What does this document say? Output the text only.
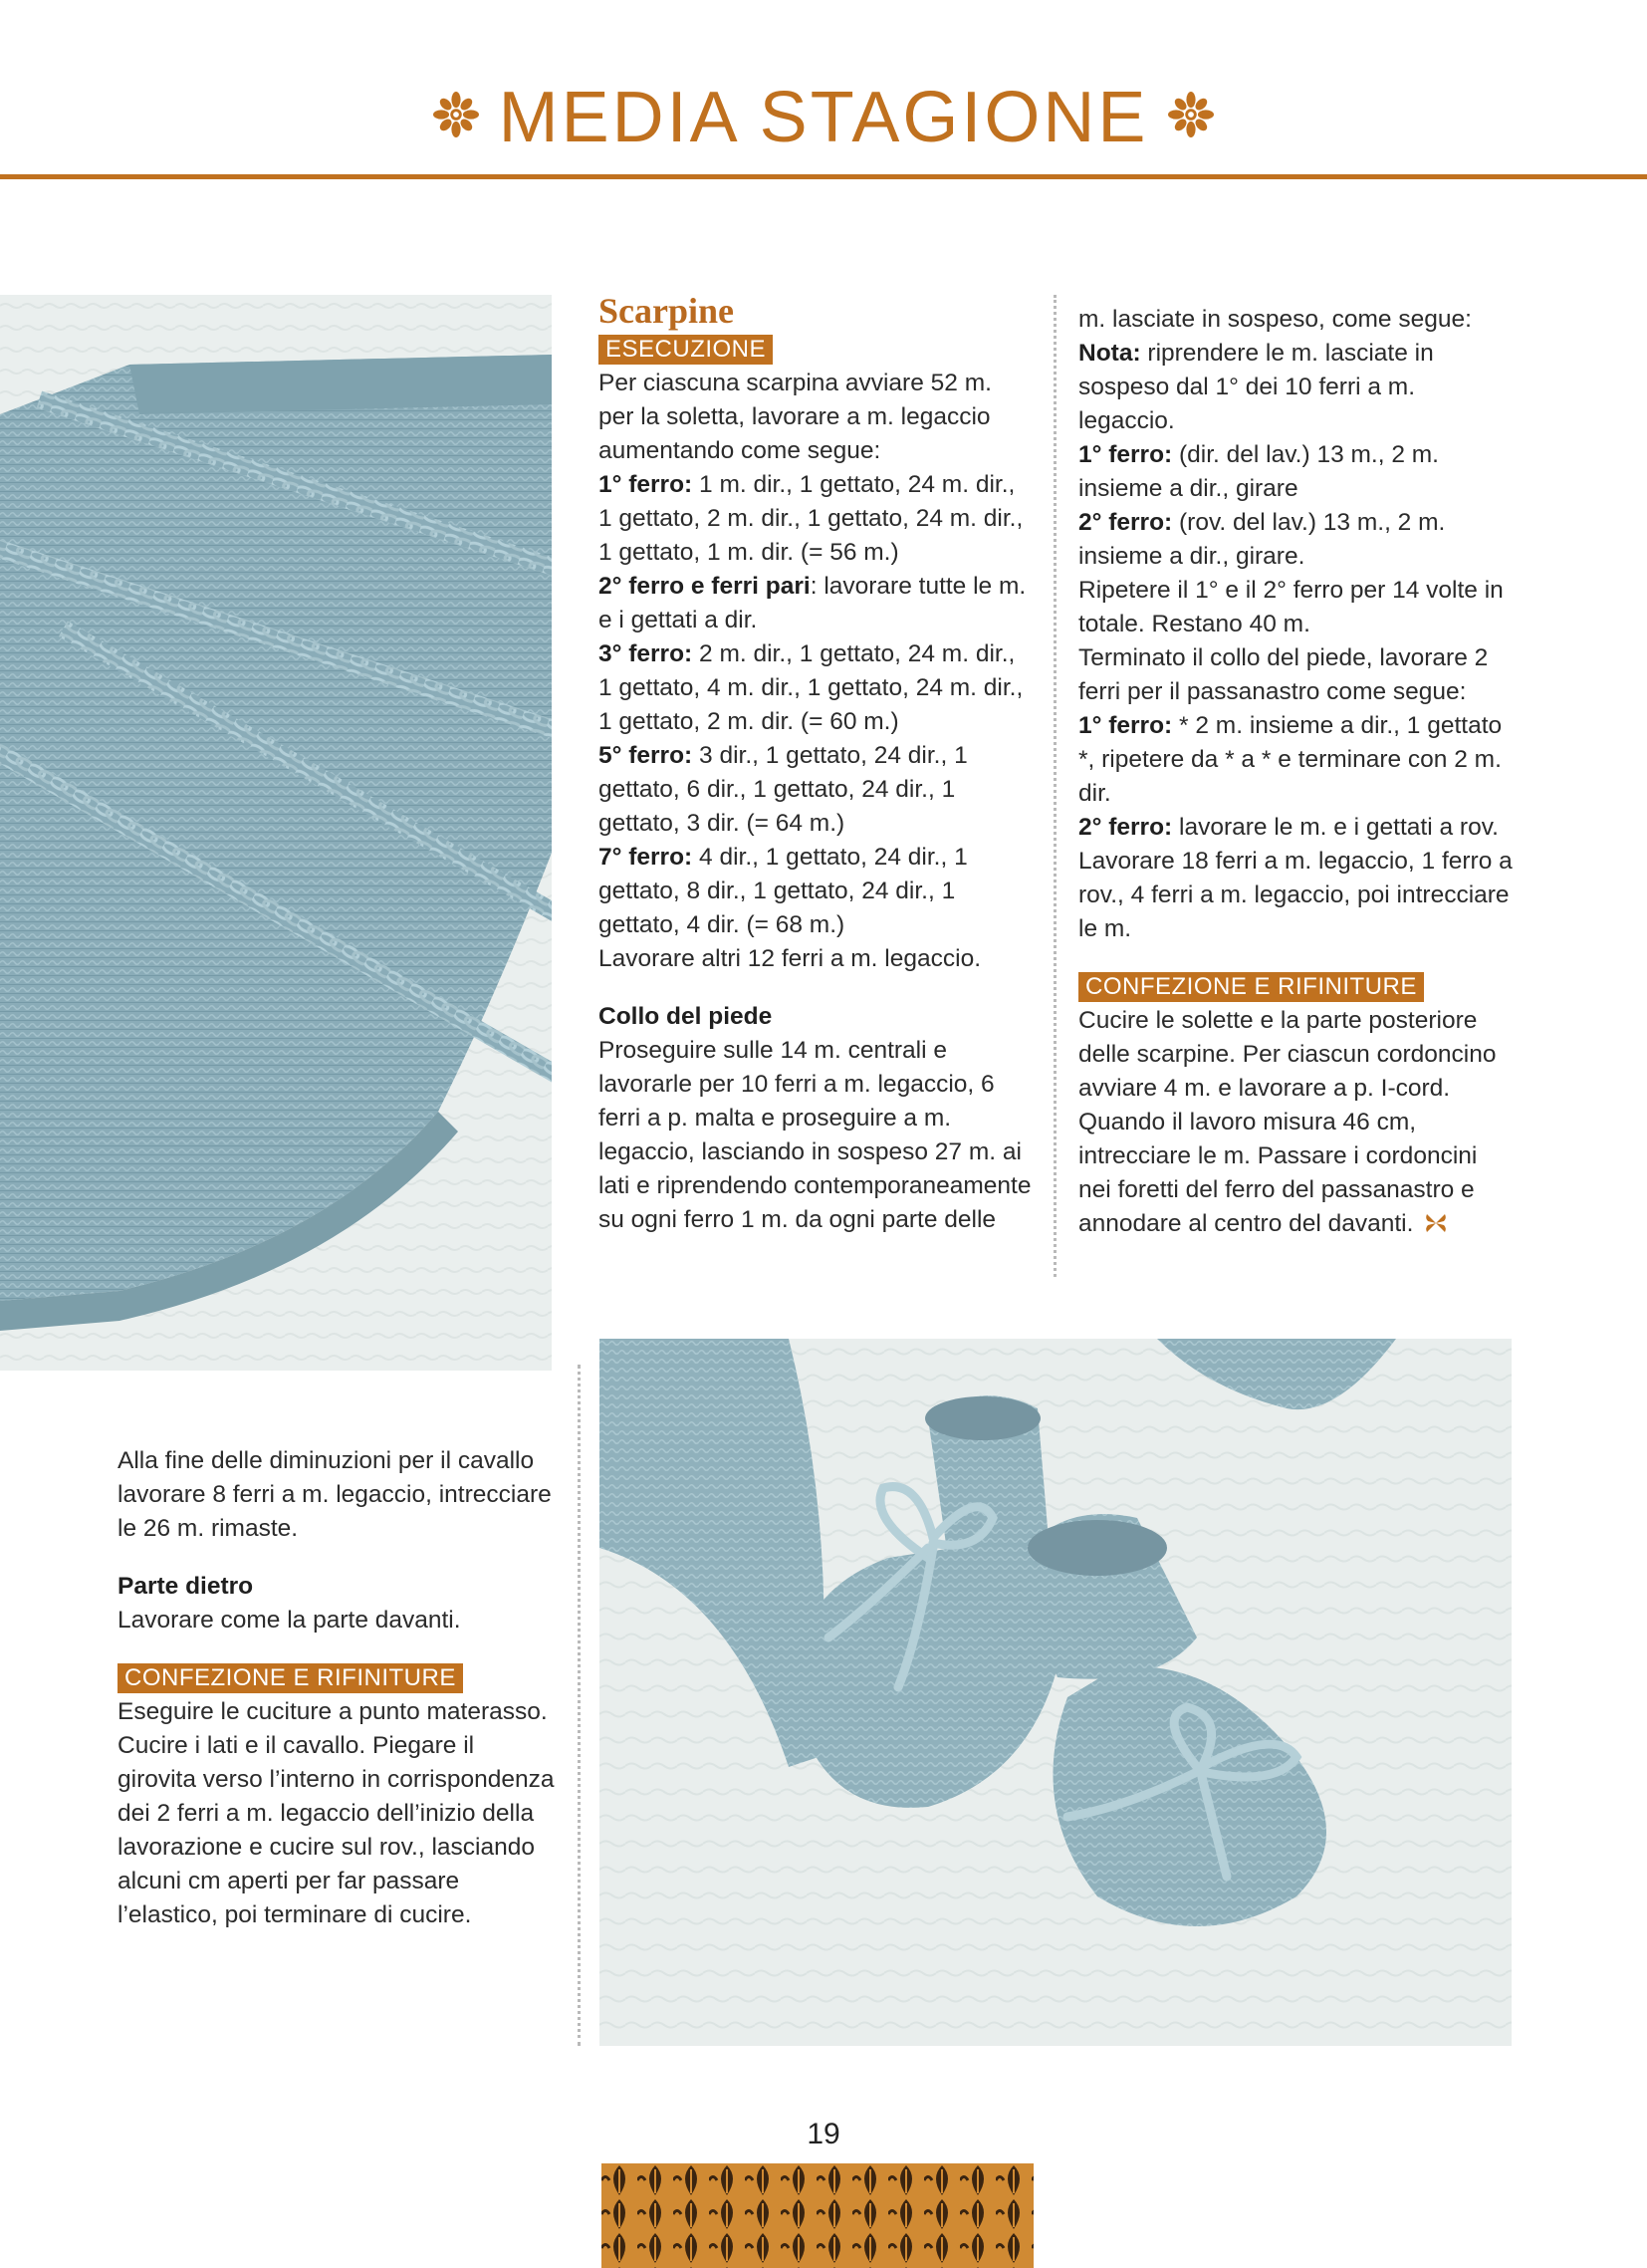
MEDIA STAGIONE

Scarpine

ESECUZIONE

Per ciascuna scarpina avviare 52 m. per la soletta, lavorare a m. legaccio aumentando come segue:

1° ferro: 1 m. dir., 1 gettato, 24 m. dir., 1 gettato, 2 m. dir., 1 gettato, 24 m. dir., 1 gettato, 1 m. dir. (= 56 m.)

2° ferro e ferri pari: lavorare tutte le m. e i gettati a dir.

3° ferro: 2 m. dir., 1 gettato, 24 m. dir., 1 gettato, 4 m. dir., 1 gettato, 24 m. dir., 1 gettato, 2 m. dir. (= 60 m.)

5° ferro: 3 dir., 1 gettato, 24 dir., 1 gettato, 6 dir., 1 gettato, 24 dir., 1 gettato, 3 dir. (= 64 m.)

7° ferro: 4 dir., 1 gettato, 24 dir., 1 gettato, 8 dir., 1 gettato, 24 dir., 1 gettato, 4 dir. (= 68 m.)

Lavorare altri 12 ferri a m. legaccio.

Collo del piede

Proseguire sulle 14 m. centrali e lavorarle per 10 ferri a m. legaccio, 6 ferri a p. malta e proseguire a m. legaccio, lasciando in sospeso 27 m. ai lati e riprendendo contemporaneamente su ogni ferro 1 m. da ogni parte delle

m. lasciate in sospeso, come segue:

Nota: riprendere le m. lasciate in sospeso dal 1° dei 10 ferri a m. legaccio.

1° ferro: (dir. del lav.) 13 m., 2 m. insieme a dir., girare

2° ferro: (rov. del lav.) 13 m., 2 m. insieme a dir., girare.

Ripetere il 1° e il 2° ferro per 14 volte in totale. Restano 40 m.

Terminato il collo del piede, lavorare 2 ferri per il passanastro come segue:

1° ferro: * 2 m. insieme a dir., 1 gettato *, ripetere da * a * e terminare con 2 m. dir.

2° ferro: lavorare le m. e i gettati a rov.

Lavorare 18 ferri a m. legaccio, 1 ferro a rov., 4 ferri a m. legaccio, poi intrecciare le m.

CONFEZIONE E RIFINITURE

Cucire le solette e la parte posteriore delle scarpine. Per ciascun cordoncino avviare 4 m. e lavorare a p. I-cord. Quando il lavoro misura 46 cm, intrecciare le m. Passare i cordoncini nei foretti del ferro del passanastro e annodare al centro del davanti.

Alla fine delle diminuzioni per il cavallo lavorare 8 ferri a m. legaccio, intrecciare le 26 m. rimaste.

Parte dietro

Lavorare come la parte davanti.

CONFEZIONE E RIFINITURE

Eseguire le cuciture a punto materasso. Cucire i lati e il cavallo. Piegare il girovita verso l’interno in corrispondenza dei 2 ferri a m. legaccio dell’inizio della lavorazione e cucire sul rov., lasciando alcuni cm aperti per far passare l’elastico, poi terminare di cucire.

19
